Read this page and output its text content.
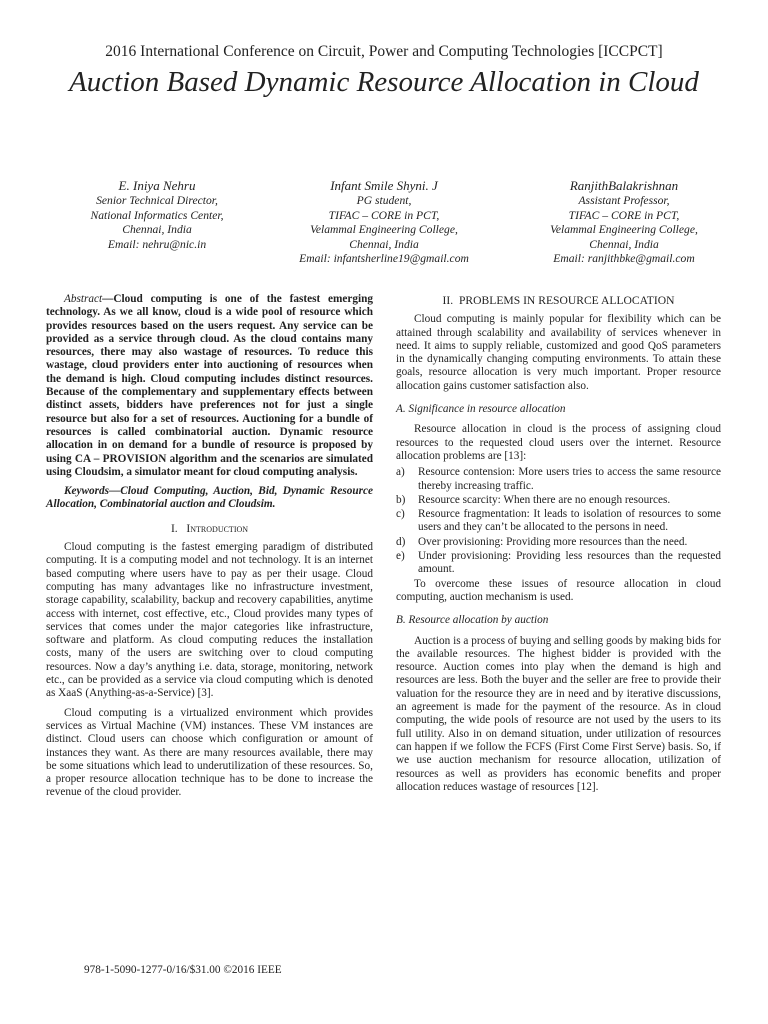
2016 International Conference on Circuit, Power and Computing Technologies [ICCPCT]
Auction Based Dynamic Resource Allocation in Cloud
E. Iniya Nehru
Senior Technical Director,
National Informatics Center,
Chennai, India
Email: nehru@nic.in
Infant Smile Shyni. J
PG student,
TIFAC – CORE in PCT,
Velammal Engineering College,
Chennai, India
Email: infantsherline19@gmail.com
RanjithBalakrishnan
Assistant Professor,
TIFAC – CORE in PCT,
Velammal Engineering College,
Chennai, India
Email: ranjithbke@gmail.com

Abstract—Cloud computing is one of the fastest emerging technology. As we all know, cloud is a wide pool of resource which provides resources based on the users request. Any service can be provided as a service through cloud. As the cloud contains many resources, there may also wastage of resources. To reduce this wastage, cloud providers enter into auctioning of resources when the demand is high. Cloud computing includes distinct resources. Because of the complementary and supplementary effects between distinct assets, bidders have preferences not for just a single resource but also for a set of resources. Auctioning for a bundle of resources is called combinatorial auction. Dynamic resource allocation in on demand for a bundle of resource is proposed by using CA – PROVISION algorithm and the scenarios are simulated using Cloudsim, a simulator meant for cloud computing analysis.

Keywords—Cloud Computing, Auction, Bid, Dynamic Resource Allocation, Combinatorial auction and Cloudsim.

I. Introduction

Cloud computing is the fastest emerging paradigm of distributed computing. It is a computing model and not technology. It is an internet based computing where users have to pay as per their usage. Cloud computing has many advantages like no infrastructure investment, storage capability, scalability, backup and recovery capabilities, anytime access with internet, cost effective, etc., Cloud provides many types of services that comes under the major categories like infrastructure, software and platform. As cloud computing reduces the installation costs, many of the users are switching over to cloud computing resources. Now a day’s anything i.e. data, storage, monitoring, network etc., can be provided as a service via cloud computing which is denoted as XaaS (Anything-as-a-Service) [3].

Cloud computing is a virtualized environment which provides services as Virtual Machine (VM) instances. These VM instances are distinct. Cloud users can choose which configuration or amount of instances they want. As there are many resources available, there may be some situations which lead to underutilization of these resources. So, a proper resource allocation technique has to be done to increase the revenue of the cloud provider.

II. PROBLEMS IN RESOURCE ALLOCATION

Cloud computing is mainly popular for flexibility which can be attained through scalability and availability of services whenever in need. It aims to supply reliable, customized and good QoS parameters in the dynamically changing computing environments. To attain these goals, resource allocation is very much important. Proper resource allocation gains customer satisfaction also.

A. Significance in resource allocation

Resource allocation in cloud is the process of assigning cloud resources to the requested cloud users over the internet. Resource allocation problems are [13]:

a) Resource contension: More users tries to access the same resource thereby increasing traffic.
b) Resource scarcity: When there are no enough resources.
c) Resource fragmentation: It leads to isolation of resources to some users and they can’t be allocated to the persons in need.
d) Over provisioning: Providing more resources than the need.
e) Under provisioning: Providing less resources than the requested amount.

To overcome these issues of resource allocation in cloud computing, auction mechanism is used.

B. Resource allocation by auction

Auction is a process of buying and selling goods by making bids for the available resources. The highest bidder is provided with the resource. Auction comes into play when the demand is high and resources are less. Both the buyer and the seller are free to provide their valuation for the resource they are in need and by iterative discussions, an agreement is made for the payment of the resource. As in cloud computing, the wide pools of resource are not used by the users to its full utility. Also in on demand situation, under utilization of resources can happen if we follow the FCFS (First Come First Serve) basis. So, if we use auction mechanism for resource allocation, utilization of resources as well as providers has economic benefits and proper allocation reduces wastage of resources [12].

978-1-5090-1277-0/16/$31.00 ©2016 IEEE
